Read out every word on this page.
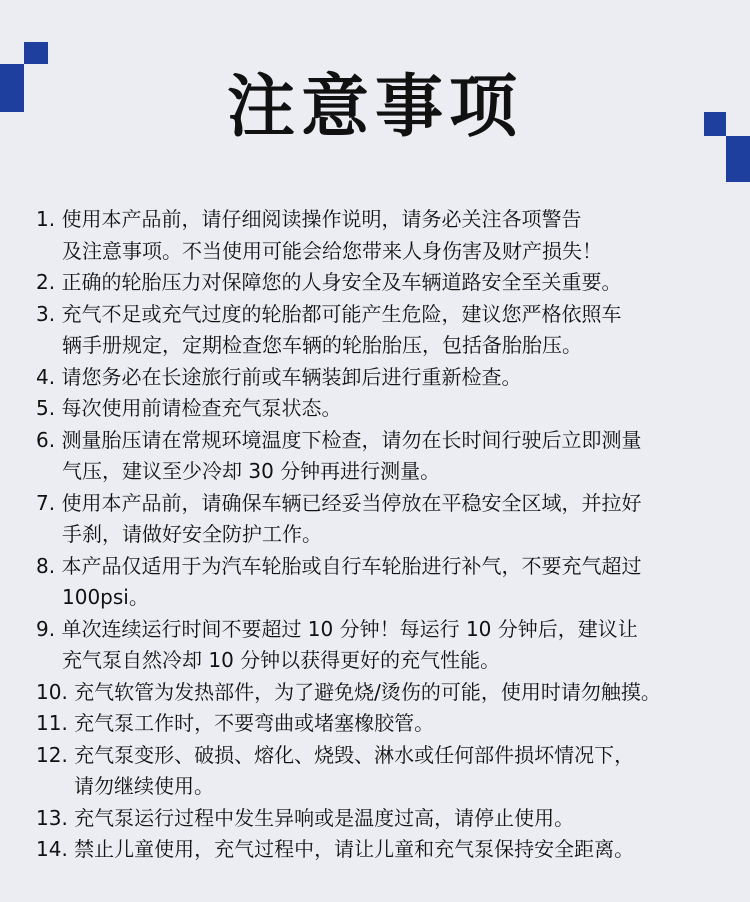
注意事项
1. 使用本产品前，请仔细阅读操作说明，请务必关注各项警告
及注意事项。不当使用可能会给您带来人身伤害及财产损失！
2. 正确的轮胎压力对保障您的人身安全及车辆道路安全至关重要。
3. 充气不足或充气过度的轮胎都可能产生危险，建议您严格依照车
辆手册规定，定期检查您车辆的轮胎胎压，包括备胎胎压。
4. 请您务必在长途旅行前或车辆装卸后进行重新检查。
5. 每次使用前请检查充气泵状态。
6. 测量胎压请在常规环境温度下检查，请勿在长时间行驶后立即测量
气压，建议至少冷却 30 分钟再进行测量。
7. 使用本产品前，请确保车辆已经妥当停放在平稳安全区域，并拉好
手刹，请做好安全防护工作。
8. 本产品仅适用于为汽车轮胎或自行车轮胎进行补气，不要充气超过
100psi。
9. 单次连续运行时间不要超过 10 分钟！每运行 10 分钟后，建议让
充气泵自然冷却 10 分钟以获得更好的充气性能。
10. 充气软管为发热部件，为了避免烧/烫伤的可能，使用时请勿触摸。
11. 充气泵工作时，不要弯曲或堵塞橡胶管。
12. 充气泵变形、破损、熔化、烧毁、淋水或任何部件损坏情况下，
请勿继续使用。
13. 充气泵运行过程中发生异响或是温度过高，请停止使用。
14. 禁止儿童使用，充气过程中，请让儿童和充气泵保持安全距离。
